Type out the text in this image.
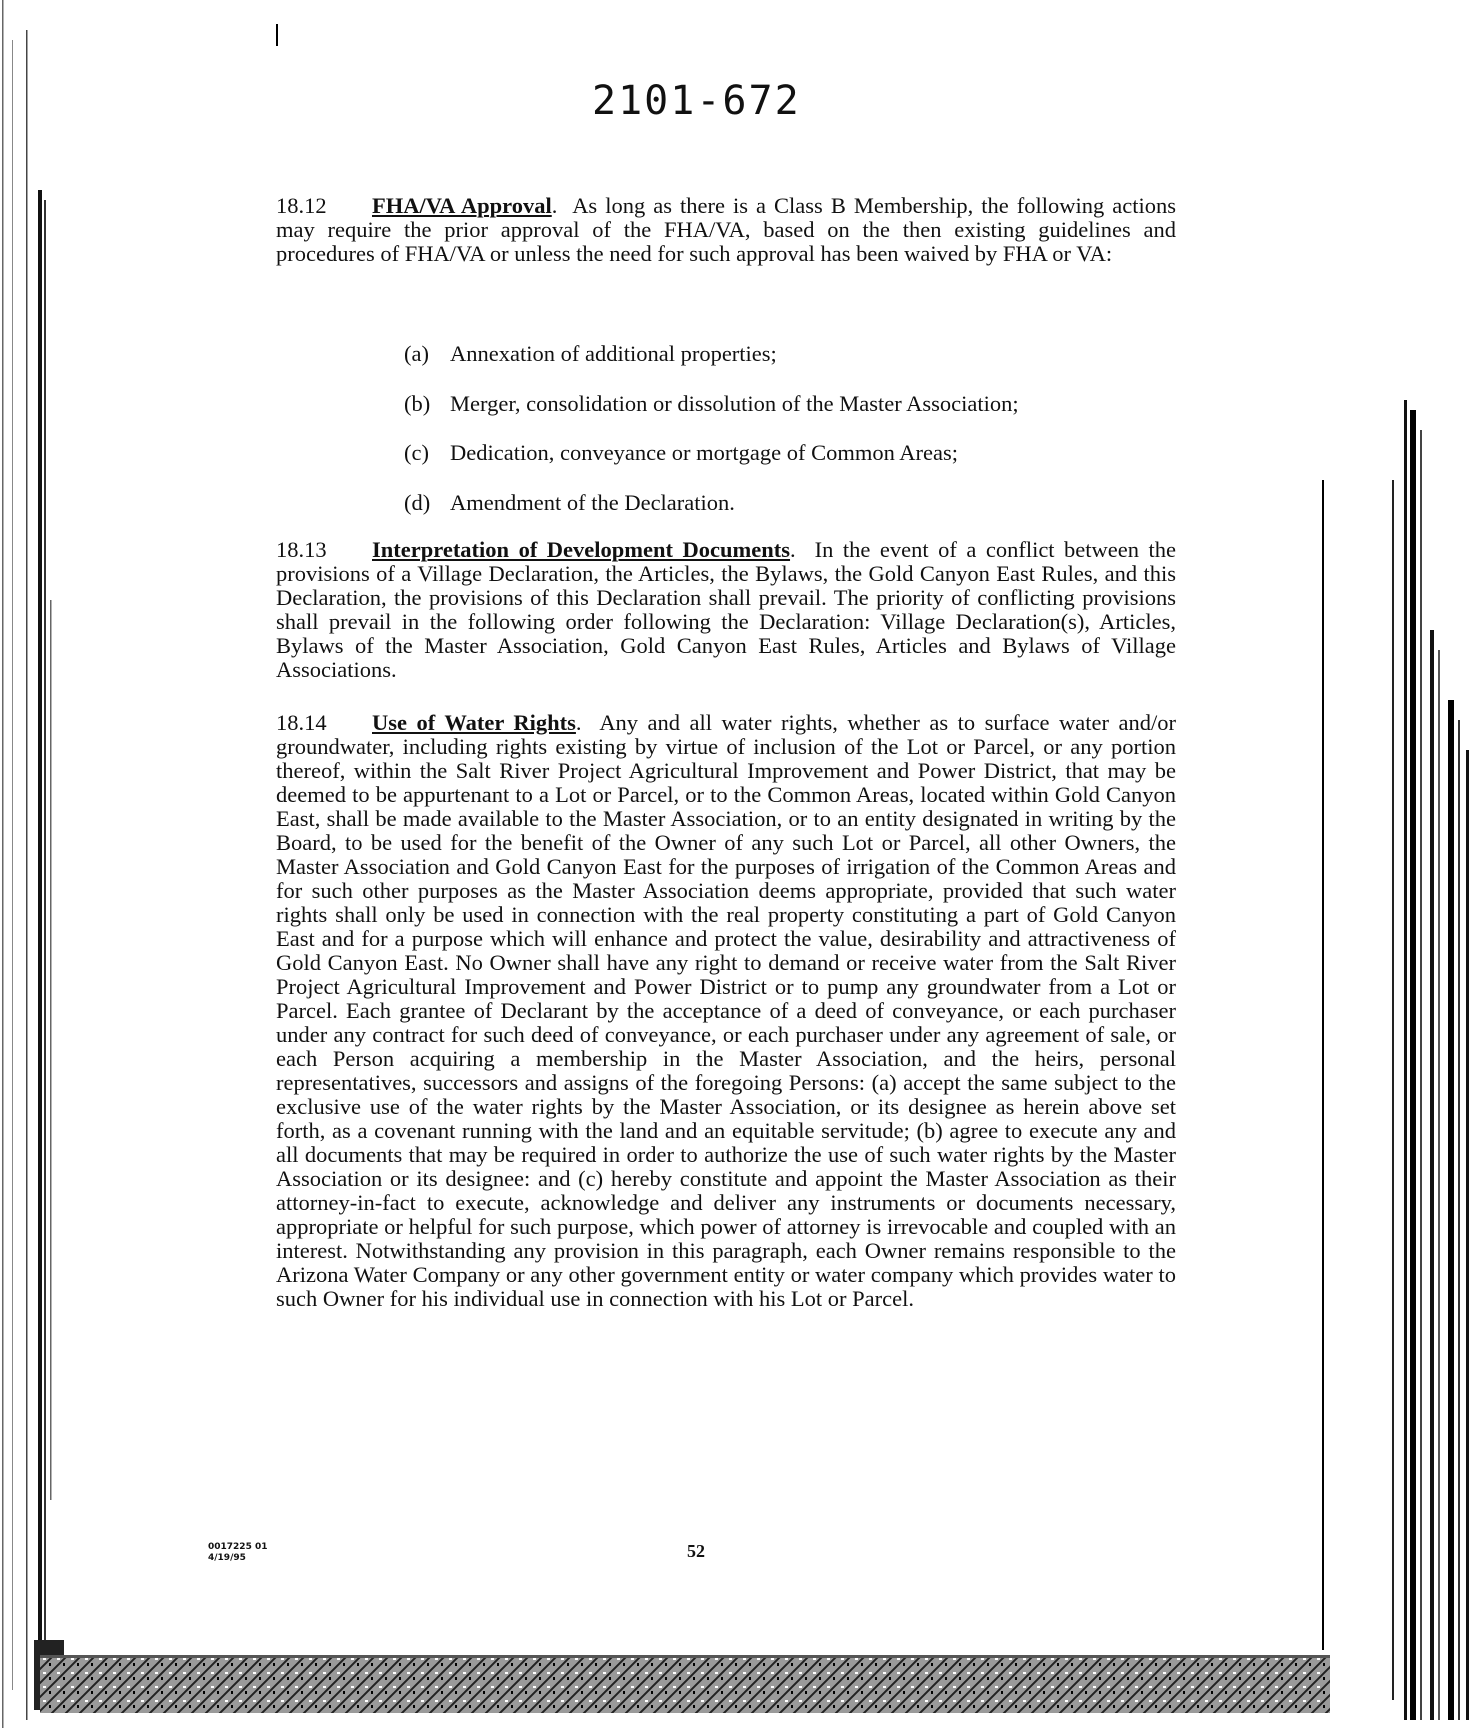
2101-672
18.12 FHA/VA Approval.  As long as there is a Class B Membership, the following actions may require the prior approval of the FHA/VA, based on the then existing guidelines and procedures of FHA/VA or unless the need for such approval has been waived by FHA or VA:
(a) Annexation of additional properties;
(b) Merger, consolidation or dissolution of the Master Association;
(c) Dedication, conveyance or mortgage of Common Areas;
(d) Amendment of the Declaration.
18.13 Interpretation of Development Documents.  In the event of a conflict between the provisions of a Village Declaration, the Articles, the Bylaws, the Gold Canyon East Rules, and this Declaration, the provisions of this Declaration shall prevail. The priority of conflicting provisions shall prevail in the following order following the Declaration: Village Declaration(s), Articles, Bylaws of the Master Association, Gold Canyon East Rules, Articles and Bylaws of Village Associations.
18.14 Use of Water Rights.  Any and all water rights, whether as to surface water and/or groundwater, including rights existing by virtue of inclusion of the Lot or Parcel, or any portion thereof, within the Salt River Project Agricultural Improvement and Power District, that may be deemed to be appurtenant to a Lot or Parcel, or to the Common Areas, located within Gold Canyon East, shall be made available to the Master Association, or to an entity designated in writing by the Board, to be used for the benefit of the Owner of any such Lot or Parcel, all other Owners, the Master Association and Gold Canyon East for the purposes of irrigation of the Common Areas and for such other purposes as the Master Association deems appropriate, provided that such water rights shall only be used in connection with the real property constituting a part of Gold Canyon East and for a purpose which will enhance and protect the value, desirability and attractiveness of Gold Canyon East. No Owner shall have any right to demand or receive water from the Salt River Project Agricultural Improvement and Power District or to pump any groundwater from a Lot or Parcel. Each grantee of Declarant by the acceptance of a deed of conveyance, or each purchaser under any contract for such deed of conveyance, or each purchaser under any agreement of sale, or each Person acquiring a membership in the Master Association, and the heirs, personal representatives, successors and assigns of the foregoing Persons: (a) accept the same subject to the exclusive use of the water rights by the Master Association, or its designee as herein above set forth, as a covenant running with the land and an equitable servitude; (b) agree to execute any and all documents that may be required in order to authorize the use of such water rights by the Master Association or its designee: and (c) hereby constitute and appoint the Master Association as their attorney-in-fact to execute, acknowledge and deliver any instruments or documents necessary, appropriate or helpful for such purpose, which power of attorney is irrevocable and coupled with an interest. Notwithstanding any provision in this paragraph, each Owner remains responsible to the Arizona Water Company or any other government entity or water company which provides water to such Owner for his individual use in connection with his Lot or Parcel.
0017225 01
4/19/95	52
